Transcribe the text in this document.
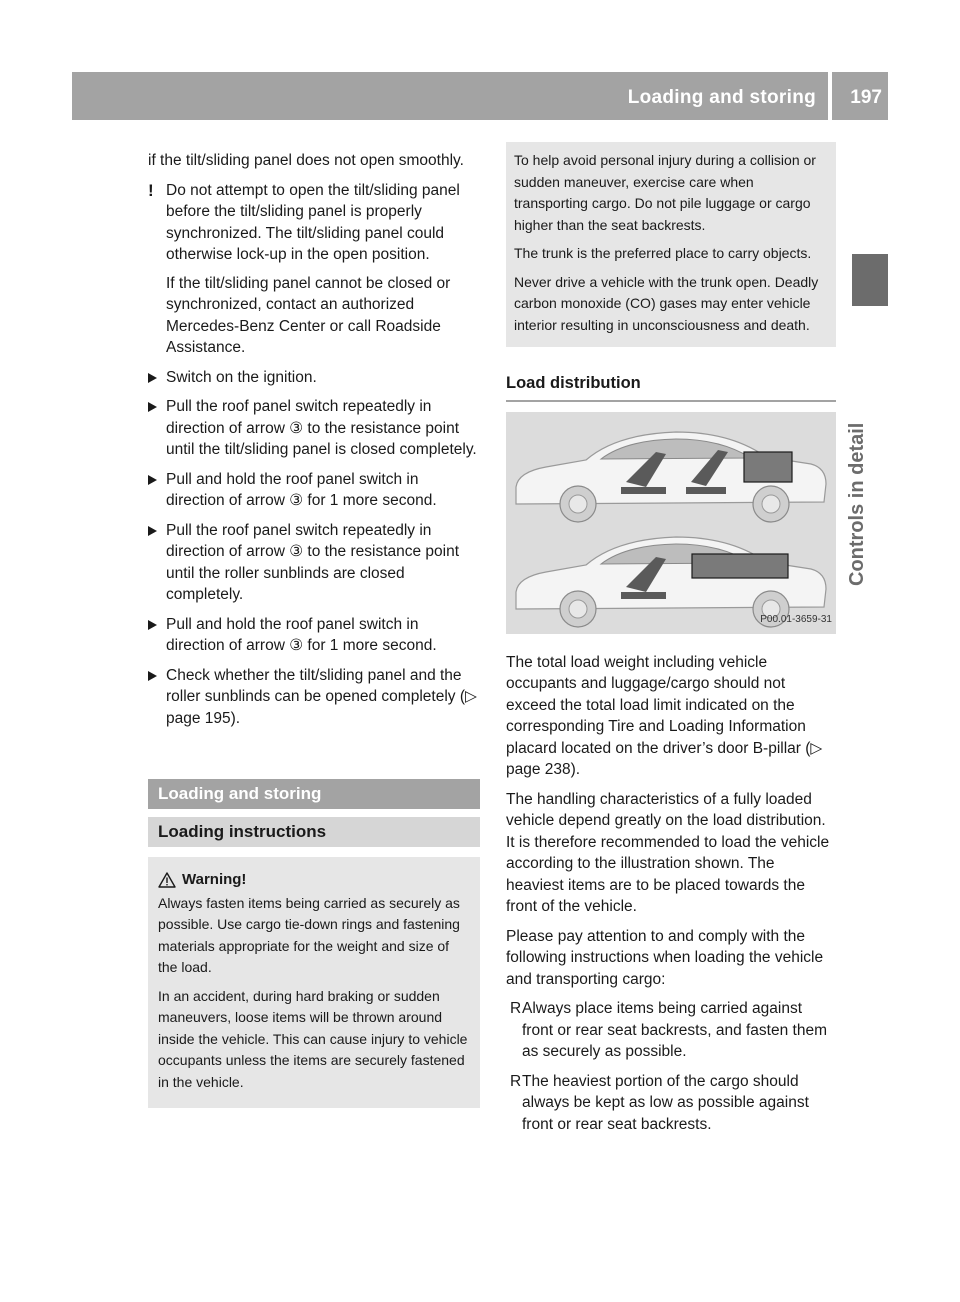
Loading and storing 197
Controls in detail

if the tilt/sliding panel does not open smoothly.

! Do not attempt to open the tilt/sliding panel before the tilt/sliding panel is properly synchronized. The tilt/sliding panel could otherwise lock-up in the open position.

If the tilt/sliding panel cannot be closed or synchronized, contact an authorized Mercedes-Benz Center or call Roadside Assistance.

Switch on the ignition.
Pull the roof panel switch repeatedly in direction of arrow ③ to the resistance point until the tilt/sliding panel is closed completely.
Pull and hold the roof panel switch in direction of arrow ③ for 1 more second.
Pull the roof panel switch repeatedly in direction of arrow ③ to the resistance point until the roller sunblinds are closed completely.
Pull and hold the roof panel switch in direction of arrow ③ for 1 more second.
Check whether the tilt/sliding panel and the roller sunblinds can be opened completely (▷ page 195).
Loading and storing
Loading instructions
Warning!

Always fasten items being carried as securely as possible. Use cargo tie-down rings and fastening materials appropriate for the weight and size of the load.

In an accident, during hard braking or sudden maneuvers, loose items will be thrown around inside the vehicle. This can cause injury to vehicle occupants unless the items are securely fastened in the vehicle.

To help avoid personal injury during a collision or sudden maneuver, exercise care when transporting cargo. Do not pile luggage or cargo higher than the seat backrests.

The trunk is the preferred place to carry objects.

Never drive a vehicle with the trunk open. Deadly carbon monoxide (CO) gases may enter vehicle interior resulting in unconsciousness and death.

Load distribution
P00.01-3659-31

The total load weight including vehicle occupants and luggage/cargo should not exceed the total load limit indicated on the corresponding Tire and Loading Information placard located on the driver’s door B-pillar (▷ page 238).

The handling characteristics of a fully loaded vehicle depend greatly on the load distribution. It is therefore recommended to load the vehicle according to the illustration shown. The heaviest items are to be placed towards the front of the vehicle.

Please pay attention to and comply with the following instructions when loading the vehicle and transporting cargo:

R Always place items being carried against front or rear seat backrests, and fasten them as securely as possible.
R The heaviest portion of the cargo should always be kept as low as possible against front or rear seat backrests.
